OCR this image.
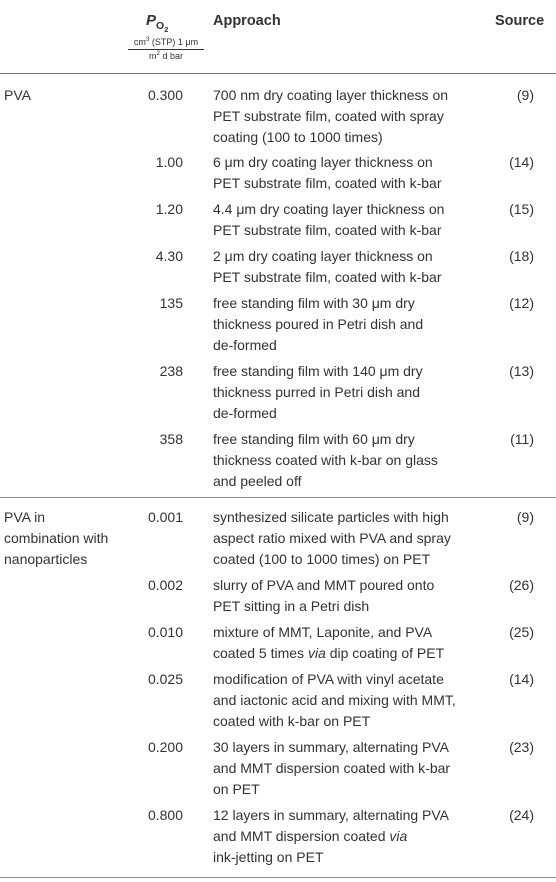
$P_{O_2}$
$cm^3$ (STP) 1 μm
$m^2$ d bar
Approach	Source
PVA	0.300 700 nm dry coating layer thickness on
PET substrate film, coated with spray
coating (100 to 1000 times)
(9)
1.00 6 μm dry coating layer thickness on
PET substrate film, coated with k-bar
(14)
1.20 4.4 μm dry coating layer thickness on
PET substrate film, coated with k-bar
(15)
4.30 2 μm dry coating layer thickness on
PET substrate film, coated with k-bar
(18)
135 free standing film with 30 μm dry
thickness poured in Petri dish and
de-formed
(12)
238 free standing film with 140 μm dry
thickness purred in Petri dish and
de-formed
(13)
358 free standing film with 60 μm dry
thickness coated with k-bar on glass
and peeled off
(11)
PVA in
combination with
nanoparticles
0.001 synthesized silicate particles with high
aspect ratio mixed with PVA and spray
coated (100 to 1000 times) on PET
(9)
0.002 slurry of PVA and MMT poured onto
PET sitting in a Petri dish
(26)
0.010 mixture of MMT, Laponite, and PVA
coated 5 times via dip coating of PET
(25)
0.025 modification of PVA with vinyl acetate
and iactonic acid and mixing with MMT,
coated with k-bar on PET
(14)
0.200 30 layers in summary, alternating PVA
and MMT dispersion coated with k-bar
on PET
(23)
0.800 12 layers in summary, alternating PVA
and MMT dispersion coated via
ink-jetting on PET
(24)
